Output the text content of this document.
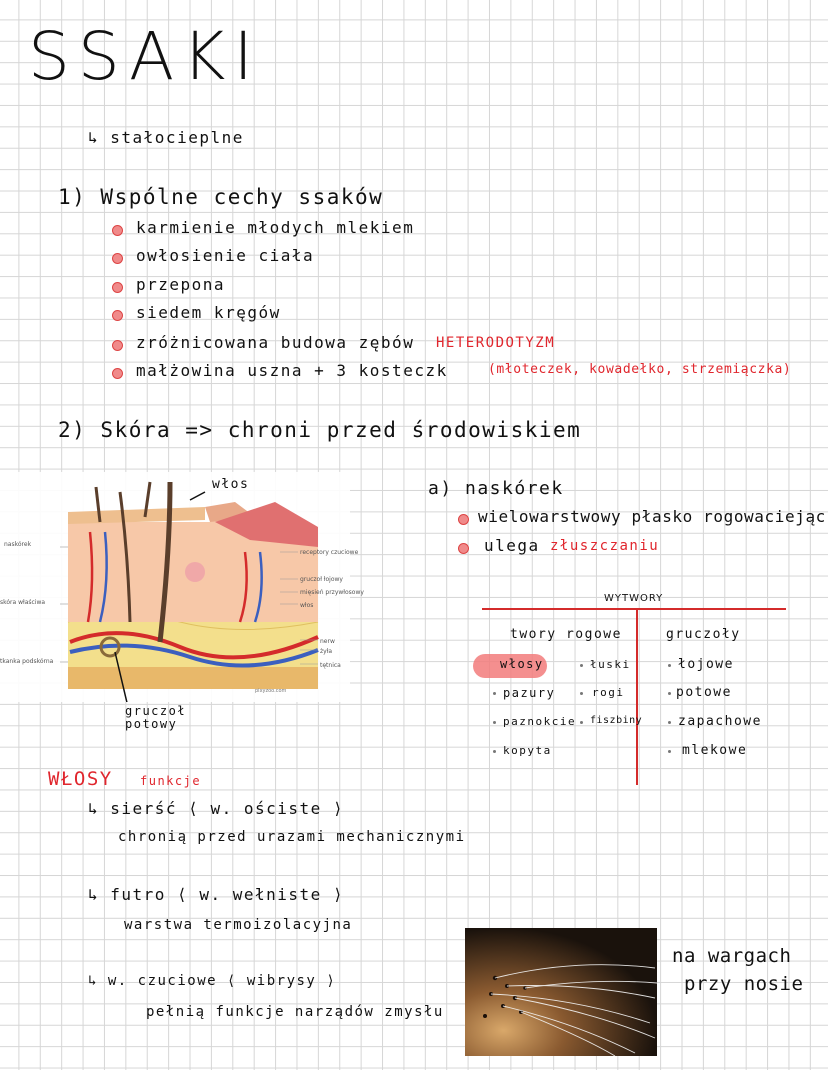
SSAKI
↳ stałocieplne
1) Wspólne cechy ssaków
karmienie młodych mlekiem
owłosienie ciała
przepona
siedem kręgów
zróżnicowana budowa zębów HETERODOTYZM
małżowina uszna + 3 kosteczk	(młoteczek, kowadełko, strzemiączka)
2) Skóra => chroni przed środowiskiem
włos
gruczoł potowy
naskórek
skóra właściwa
tkanka podskórna
receptory czuciowe
gruczoł łojowy
mięsień przywłosowy
włos
nerw
żyła
tętnica
pixyzoo.com
a) naskórek
wielowarstwowy płasko rogowaciejąc
ulega złuszczaniu
WYTWORY
twory rogowe	gruczoły
włosy
pazury
paznokcie
kopyta
łuski
rogi
fiszbiny
łojowe
potowe
zapachowe
mlekowe
WŁOSY funkcje
↳ sierść ⟨ w. ościste ⟩
chronią przed urazami mechanicznymi
↳ futro ⟨ w. wełniste ⟩
warstwa termoizolacyjna
↳ w. czuciowe ⟨ wibrysy ⟩
pełnią funkcje narządów zmysłu
na wargach
przy nosie
